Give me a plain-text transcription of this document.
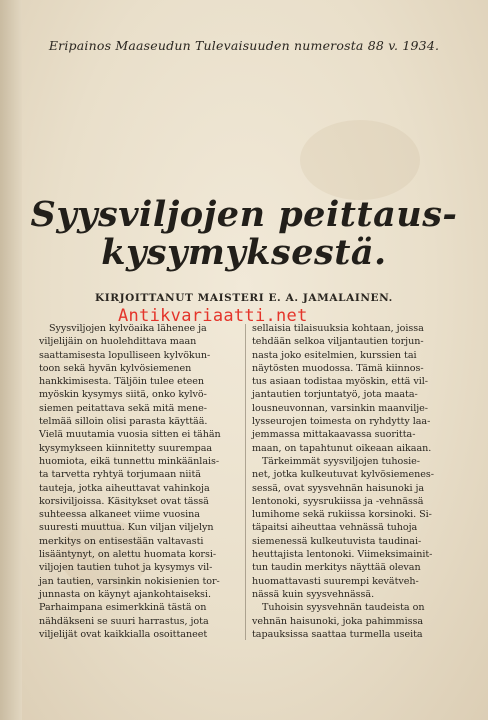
Eripainos Maaseudun Tulevaisuuden numerosta 88 v. 1934.
Syysviljojen peittaus-
kysymyksestä.
KIRJOITTANUT MAISTERI E. A. JAMALAINEN.
Syysviljojen kylvöaika lähenee ja
viljelijäin on huolehdittava maan
saattamisesta lopulliseen kylvökun-
toon sekä hyvän kylvösiemenen
hankkimisesta. Täljöin tulee eteen
myöskin kysymys siitä, onko kylvö-
siemen peitattava sekä mitä mene-
telmää silloin olisi parasta käyttää.
Vielä muutamia vuosia sitten ei tähän
kysymykseen kiinnitetty suurempaa
huomiota, eikä tunnettu minkäänlais-
ta tarvetta ryhtyä torjumaan niitä
tauteja, jotka aiheuttavat vahinkoja
korsiviljoissa. Käsitykset ovat tässä
suhteessa alkaneet viime vuosina
suuresti muuttua. Kun viljan viljelyn
merkitys on entisestään valtavasti
lisääntynyt, on alettu huomata korsi-
viljojen tautien tuhot ja kysymys vil-
jan tautien, varsinkin nokisienien tor-
junnasta on käynyt ajankohtaiseksi.
Parhaimpana esimerkkinä tästä on
nähdäkseni se suuri harrastus, jota
viljelijät ovat kaikkialla osoittaneet
sellaisia tilaisuuksia kohtaan, joissa
tehdään selkoa viljantautien torjun-
nasta joko esitelmien, kurssien tai
näytösten muodossa. Tämä kiinnos-
tus asiaan todistaa myöskin, että vil-
jantautien torjuntatyö, jota maata-
lousneuvonnan, varsinkin maanvilje-
lysseurojen toimesta on ryhdytty laa-
jemmassa mittakaavassa suoritta-
maan, on tapahtunut oikeaan aikaan.
Tärkeimmät syysviljojen tuhosie-
net, jotka kulkeutuvat kylvösiemenes-
sessä, ovat syysvehnän haisunoki ja
lentonoki, syysrukiissa ja -vehnässä
lumihome sekä rukiissa korsinoki. Si-
täpaitsi aiheuttaa vehnässä tuhoja
siemenessä kulkeutuvista taudinai-
heuttajista lentonoki. Viimeksimainit-
tun taudin merkitys näyttää olevan
huomattavasti suurempi kevätveh-
nässä kuin syysvehnässä.
Tuhoisin syysvehnän taudeista on
vehnän haisunoki, joka pahimmissa
tapauksissa saattaa turmella useita
Antikvariaatti.net
